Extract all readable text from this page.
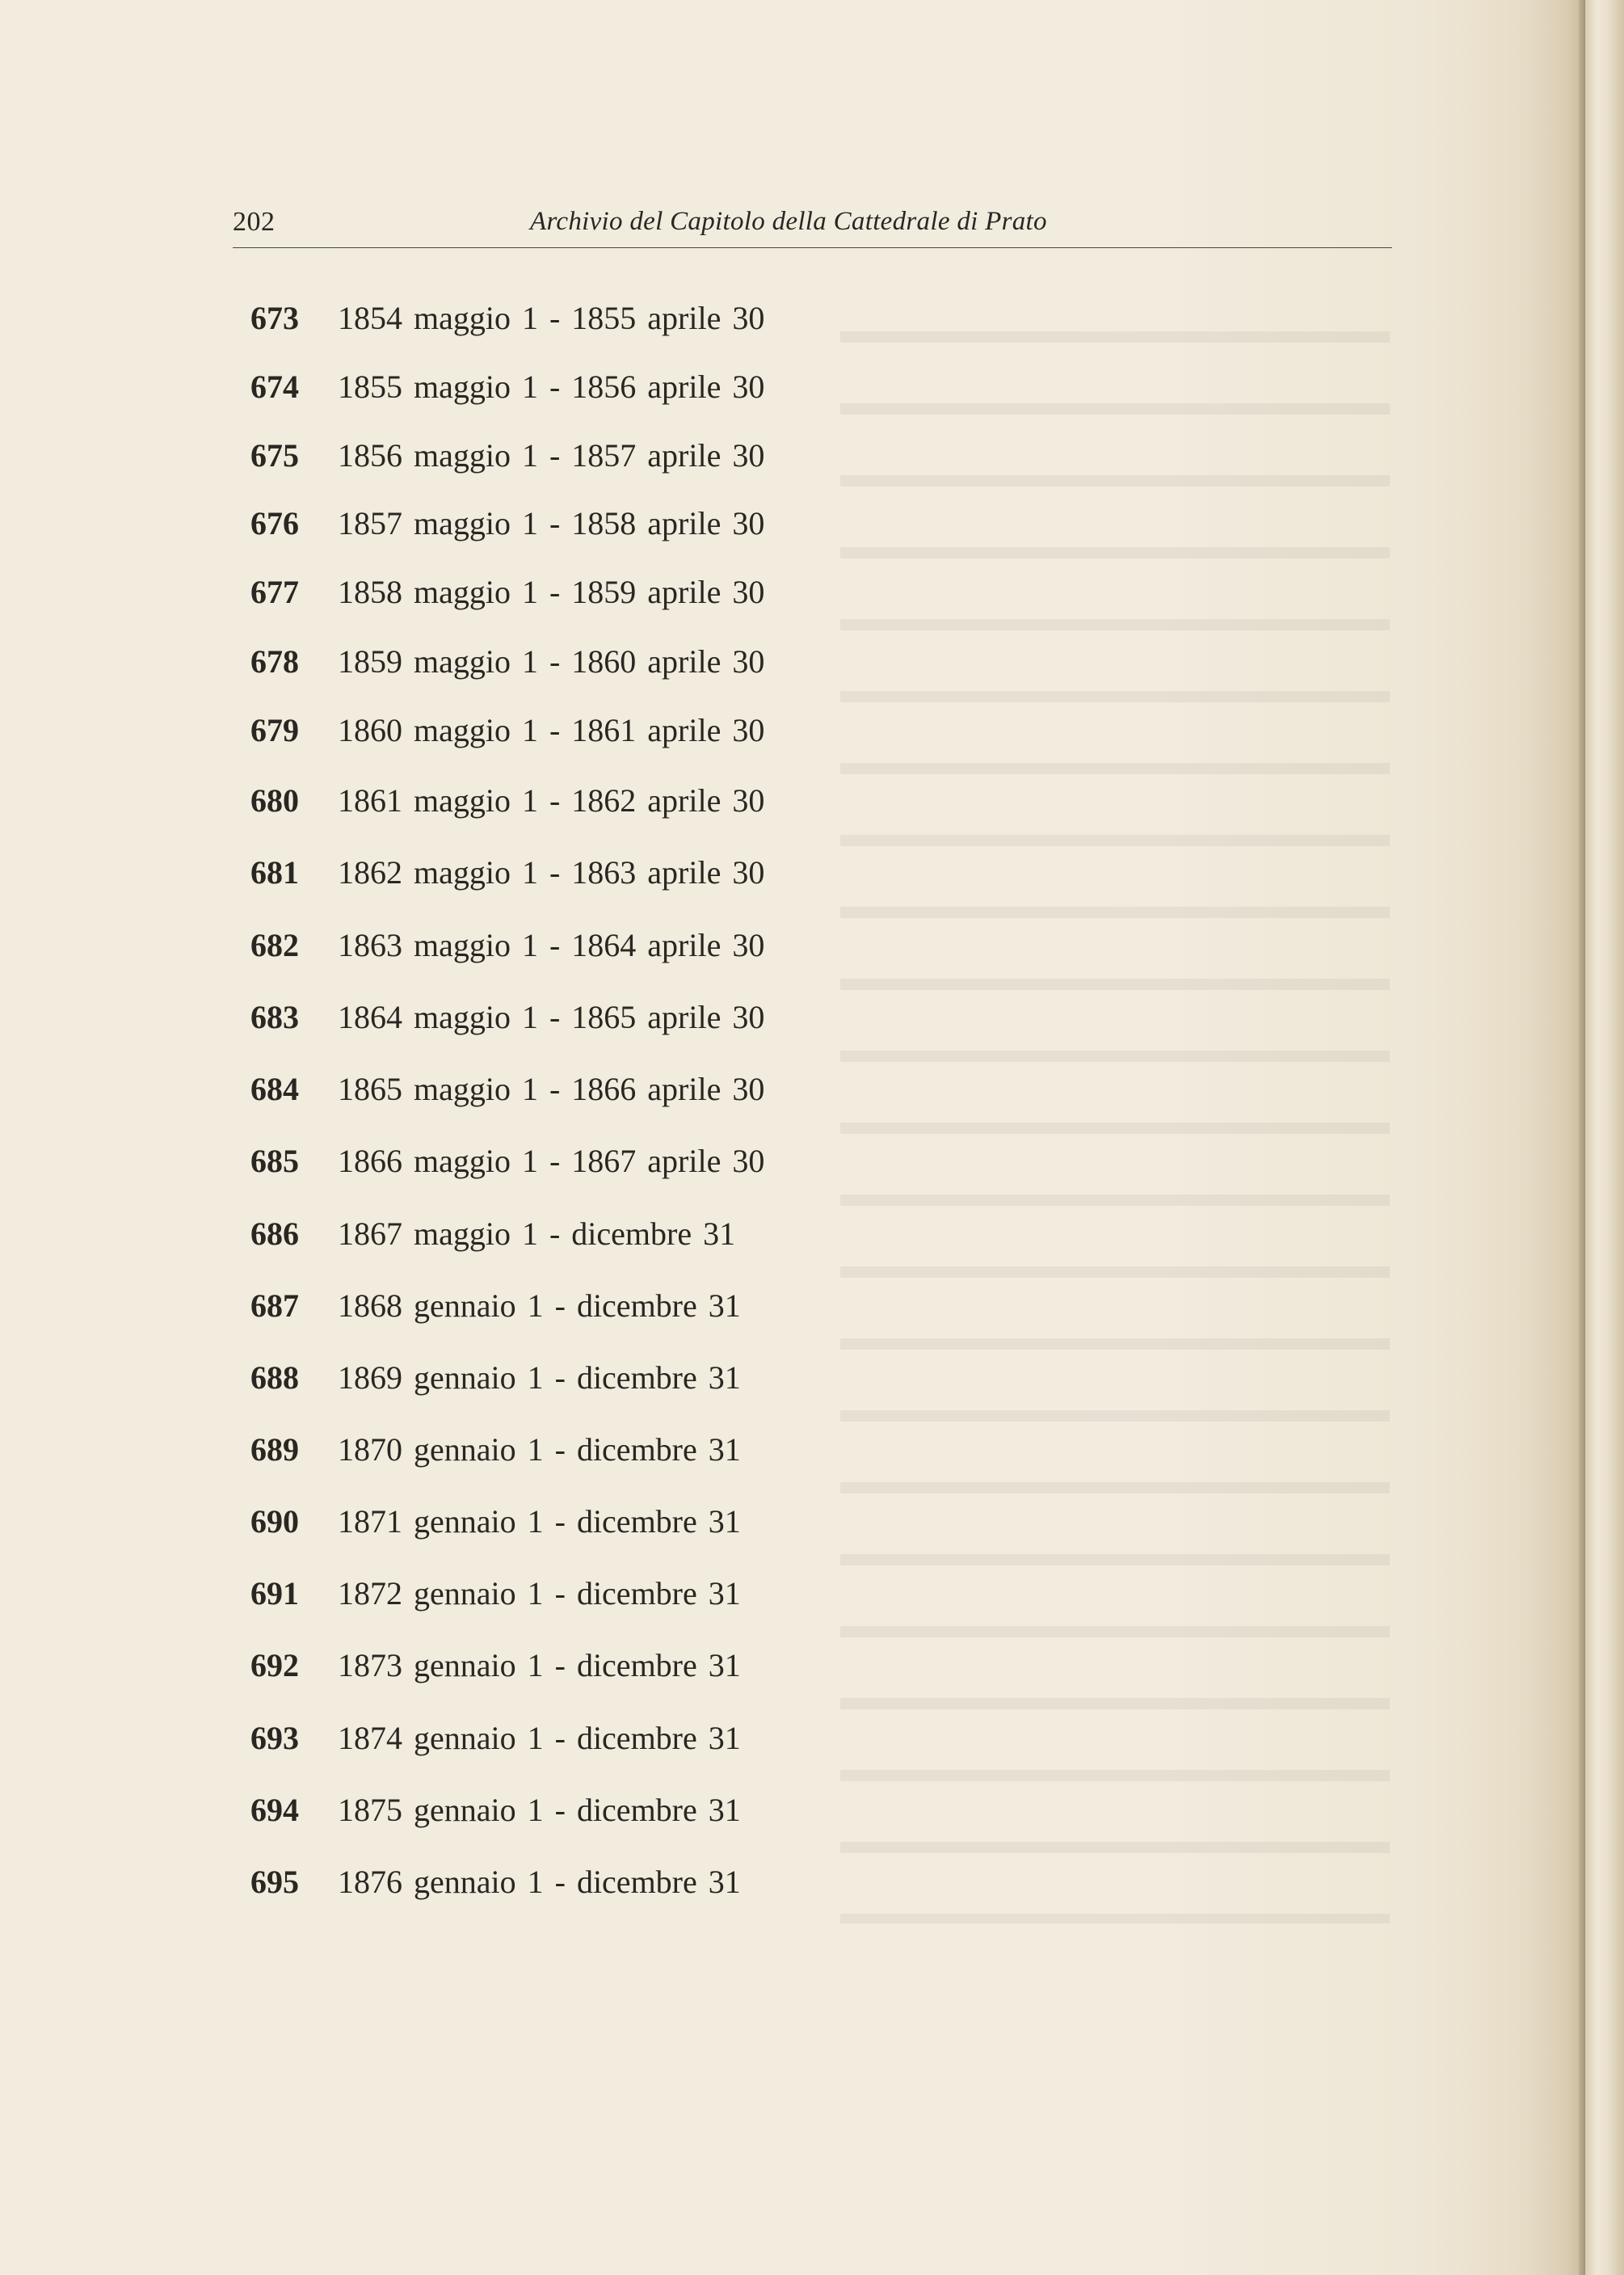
202	Archivio del Capitolo della Cattedrale di Prato
673	1854 maggio 1 - 1855 aprile 30
674	1855 maggio 1 - 1856 aprile 30
675	1856 maggio 1 - 1857 aprile 30
676	1857 maggio 1 - 1858 aprile 30
677	1858 maggio 1 - 1859 aprile 30
678	1859 maggio 1 - 1860 aprile 30
679	1860 maggio 1 - 1861 aprile 30
680	1861 maggio 1 - 1862 aprile 30
681	1862 maggio 1 - 1863 aprile 30
682	1863 maggio 1 - 1864 aprile 30
683	1864 maggio 1 - 1865 aprile 30
684	1865 maggio 1 - 1866 aprile 30
685	1866 maggio 1 - 1867 aprile 30
686	1867 maggio 1 - dicembre 31
687	1868 gennaio 1 - dicembre 31
688	1869 gennaio 1 - dicembre 31
689	1870 gennaio 1 - dicembre 31
690	1871 gennaio 1 - dicembre 31
691	1872 gennaio 1 - dicembre 31
692	1873 gennaio 1 - dicembre 31
693	1874 gennaio 1 - dicembre 31
694	1875 gennaio 1 - dicembre 31
695	1876 gennaio 1 - dicembre 31
